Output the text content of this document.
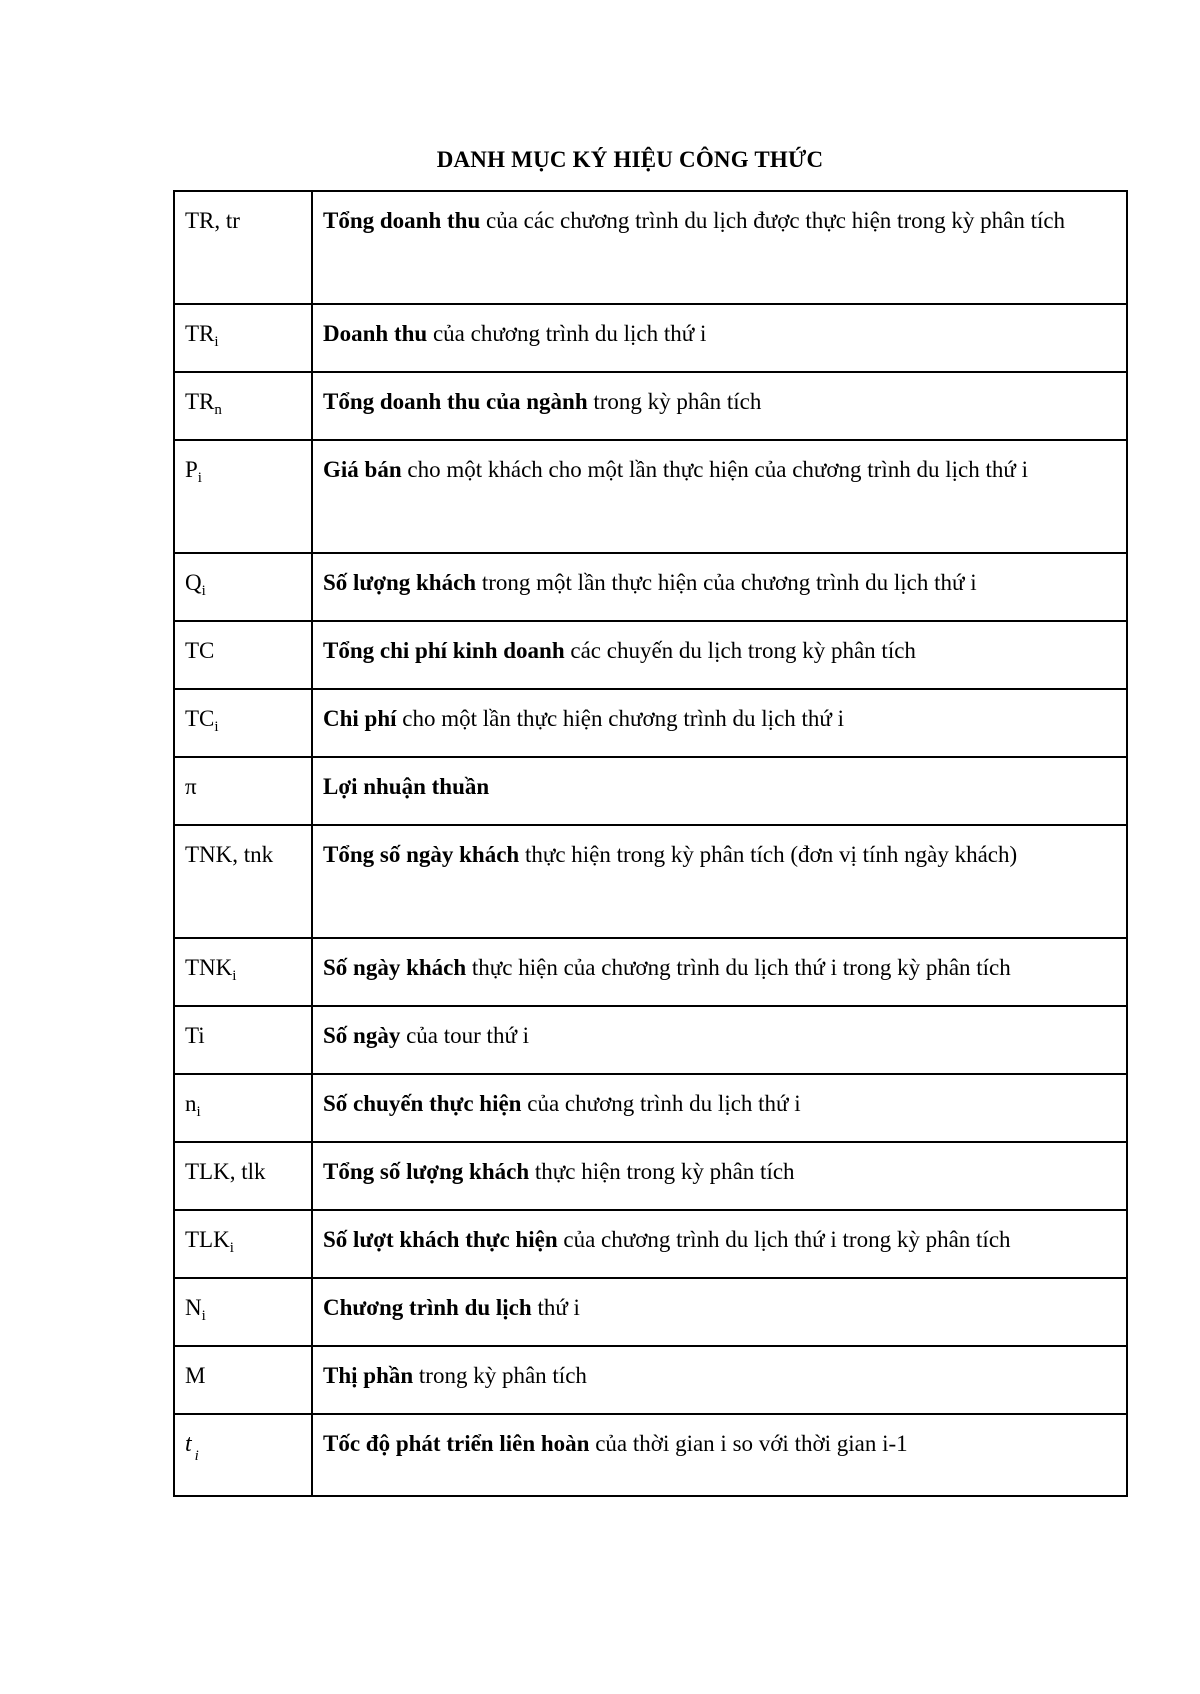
DANH MỤC KÝ HIỆU CÔNG THỨC
TR, tr	Tổng doanh thu của các chương trình du lịch được thực hiện trong kỳ phân tích
$TR_i$	Doanh thu của chương trình du lịch thứ i
$TR_n$	Tổng doanh thu của ngành trong kỳ phân tích
$P_i$	Giá bán cho một khách cho một lần thực hiện của chương trình du lịch thứ i
$Q_i$	Số lượng khách trong một lần thực hiện của chương trình du lịch thứ i
TC	Tổng chi phí kinh doanh các chuyến du lịch trong kỳ phân tích
$TC_i$	Chi phí cho một lần thực hiện chương trình du lịch thứ i
π	Lợi nhuận thuần
TNK, tnk	Tổng số ngày khách thực hiện trong kỳ phân tích (đơn vị tính ngày khách)
$TNK_i$	Số ngày khách thực hiện của chương trình du lịch thứ i trong kỳ phân tích
Ti	Số ngày của tour thứ i
$n_i$	Số chuyến thực hiện của chương trình du lịch thứ i
TLK, tlk	Tổng số lượng khách thực hiện trong kỳ phân tích
$TLK_i$	Số lượt khách thực hiện của chương trình du lịch thứ i trong kỳ phân tích
$N_i$	Chương trình du lịch thứ i
M	Thị phần trong kỳ phân tích
t $_i$	Tốc độ phát triển liên hoàn của thời gian i so với thời gian i-1
